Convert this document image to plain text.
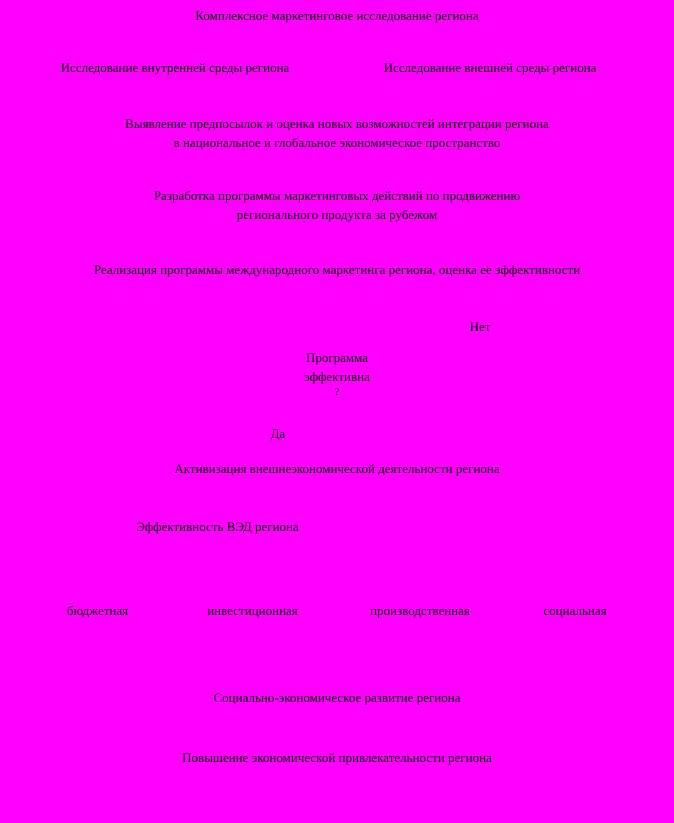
Комплексное маркетинговое исследование региона
Исследование внутренней среды региона	Исследование внешней среды региона
Выявление предпосылок и оценка новых возможностей интеграции региона
в национальное и глобальное экономическое пространство
Разработка программы маркетинговых действий по продвижению
регионального продукта за рубежом
Реализация программы международного маркетинга региона, оценка ее эффективности
Нет
Программа
эффективна
?
Да
Активизация внешнеэкономической деятельности региона
Эффективность ВЭД региона
бюджетная	инвестиционная	производственная	социальная
Социально-экономическое развитие региона
Повышение экономической привлекательности региона
